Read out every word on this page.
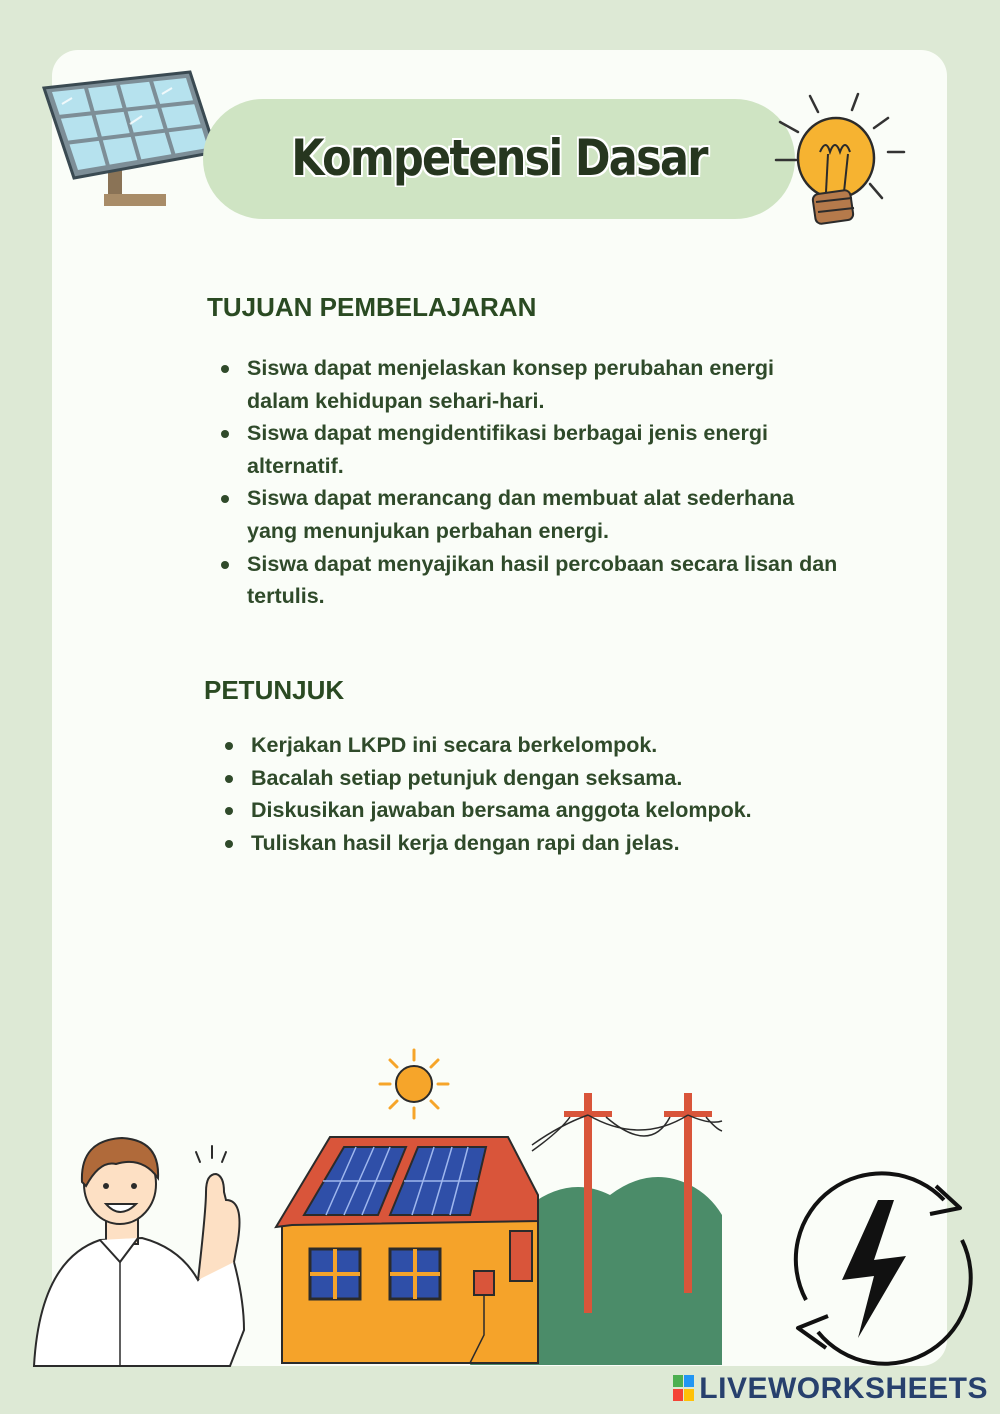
Kompetensi Dasar
TUJUAN PEMBELAJARAN
Siswa dapat menjelaskan konsep perubahan energi dalam kehidupan sehari-hari.
Siswa dapat mengidentifikasi berbagai jenis energi alternatif.
Siswa dapat merancang dan membuat alat sederhana yang menunjukan perbahan energi.
Siswa dapat menyajikan hasil percobaan secara lisan dan tertulis.
PETUNJUK
Kerjakan LKPD ini secara berkelompok.
Bacalah setiap petunjuk dengan seksama.
Diskusikan jawaban bersama anggota kelompok.
Tuliskan hasil kerja dengan rapi dan jelas.
LIVEWORKSHEETS
